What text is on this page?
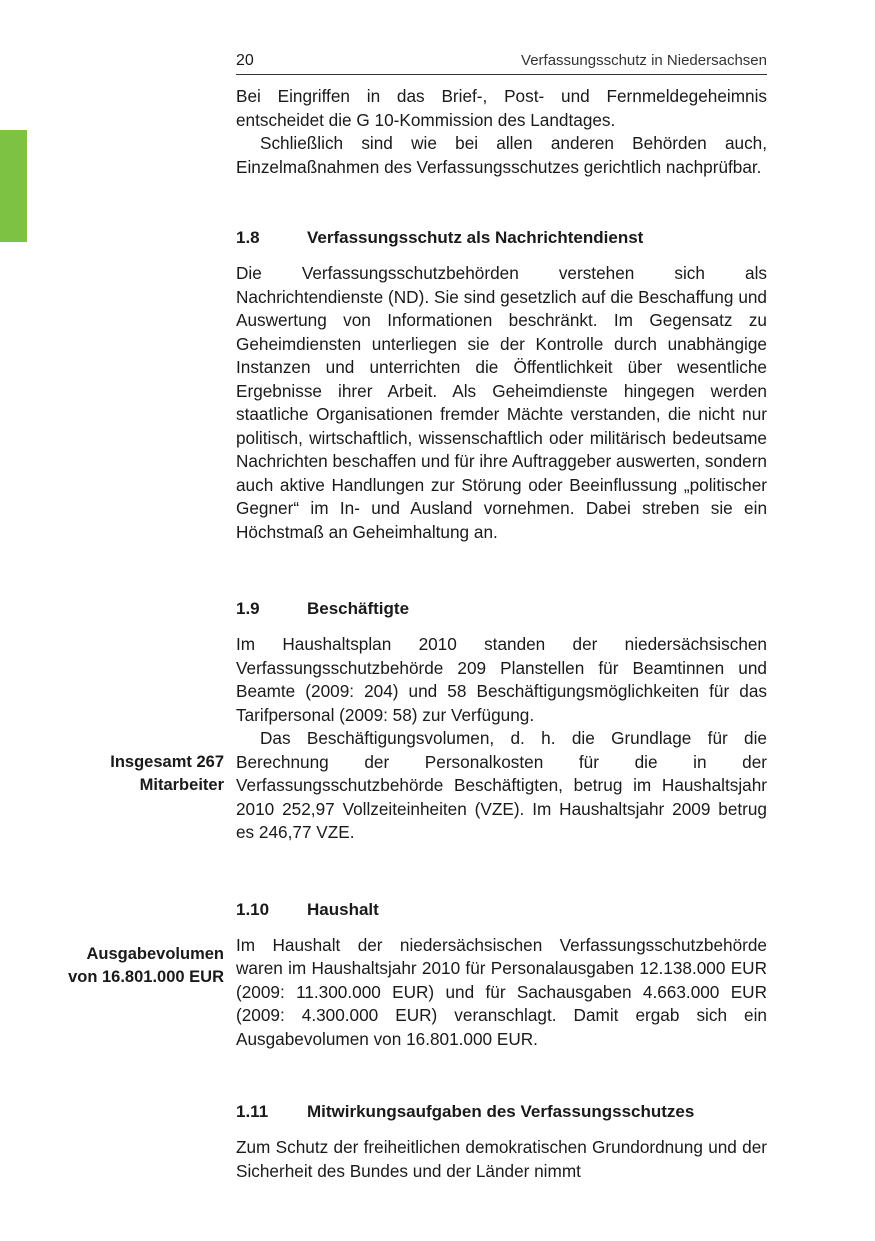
20	Verfassungsschutz in Niedersachsen

Bei Eingriffen in das Brief-, Post- und Fernmeldegeheimnis entscheidet die G 10-Kommission des Landtages.

Schließlich sind wie bei allen anderen Behörden auch, Einzelmaßnahmen des Verfassungsschutzes gerichtlich nachprüfbar.

1.8	Verfassungsschutz als Nachrichtendienst

Die Verfassungsschutzbehörden verstehen sich als Nachrichtendienste (ND). Sie sind gesetzlich auf die Beschaffung und Auswertung von Informationen beschränkt. Im Gegensatz zu Geheimdiensten unterliegen sie der Kontrolle durch unabhängige Instanzen und unterrichten die Öffentlichkeit über wesentliche Ergebnisse ihrer Arbeit. Als Geheimdienste hingegen werden staatliche Organisationen fremder Mächte verstanden, die nicht nur politisch, wirtschaftlich, wissenschaftlich oder militärisch bedeutsame Nachrichten beschaffen und für ihre Auftraggeber auswerten, sondern auch aktive Handlungen zur Störung oder Beeinflussung „politischer Gegner“ im In- und Ausland vornehmen. Dabei streben sie ein Höchstmaß an Geheimhaltung an.

1.9	Beschäftigte

Im Haushaltsplan 2010 standen der niedersächsischen Verfassungsschutzbehörde 209 Planstellen für Beamtinnen und Beamte (2009: 204) und 58 Beschäftigungsmöglichkeiten für das Tarifpersonal (2009: 58) zur Verfügung.

Das Beschäftigungsvolumen, d. h. die Grundlage für die Berechnung der Personalkosten für die in der Verfassungsschutzbehörde Beschäftigten, betrug im Haushaltsjahr 2010 252,97 Vollzeiteinheiten (VZE). Im Haushaltsjahr 2009 betrug es 246,77 VZE.

1.10	Haushalt

Im Haushalt der niedersächsischen Verfassungsschutzbehörde waren im Haushaltsjahr 2010 für Personalausgaben 12.138.000 EUR (2009: 11.300.000 EUR) und für Sachausgaben 4.663.000 EUR (2009: 4.300.000 EUR) veranschlagt. Damit ergab sich ein Ausgabevolumen von 16.801.000 EUR.

1.11	Mitwirkungsaufgaben des Verfassungsschutzes

Zum Schutz der freiheitlichen demokratischen Grundordnung und der Sicherheit des Bundes und der Länder nimmt

Insgesamt 267
Mitarbeiter
Ausgabevolumen
von 16.801.000 EUR
